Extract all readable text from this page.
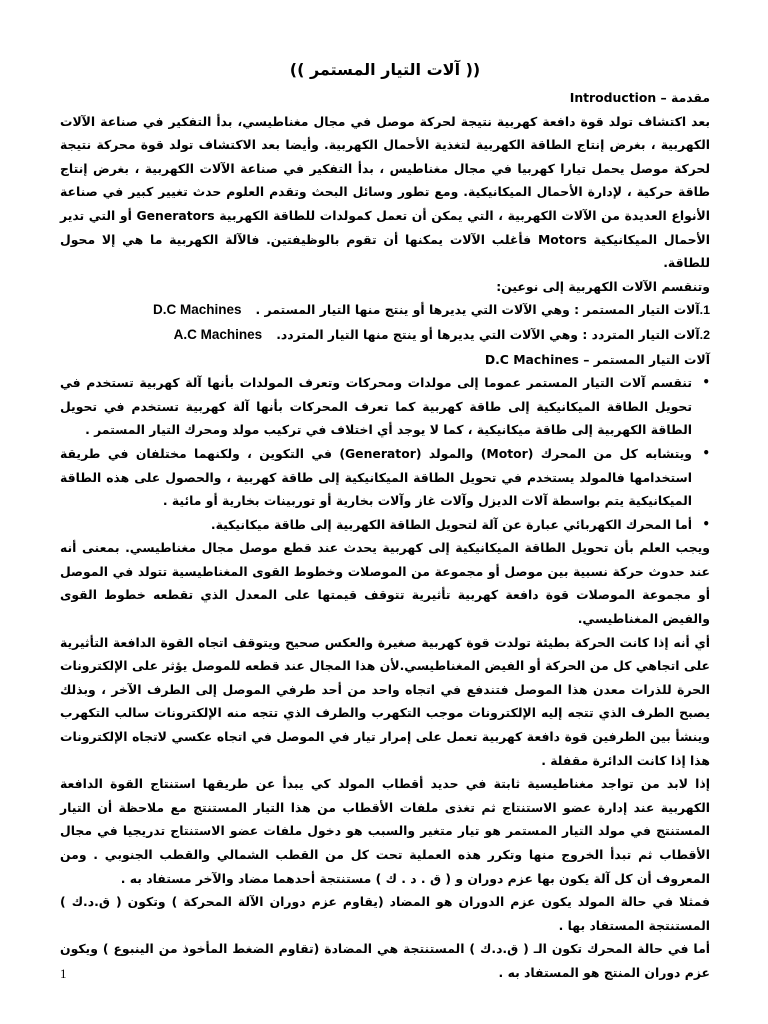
(( آلات التيار المستمر ))

مقدمة – Introduction

بعد اكتشاف تولد قوة دافعة كهربية نتيجة لحركة موصل في مجال مغناطيسي، بدأ التفكير في صناعة الآلات الكهربية ، بغرض إنتاج الطاقة الكهربية لتغذية الأحمال الكهربية. وأيضا بعد الاكتشاف تولد قوة محركة نتيجة لحركة موصل يحمل تيارا كهربيا في مجال مغناطيس ، بدأ التفكير في صناعة الآلات الكهربية ، بغرض إنتاج طاقة حركية ، لإدارة الأحمال الميكانيكية. ومع تطور وسائل البحث وتقدم العلوم حدث تغيير كبير في صناعة الأنواع العديدة من الآلات الكهربية ، التي يمكن أن تعمل كمولدات للطاقة الكهربية Generators أو التي تدير الأحمال الميكانيكية Motors فأغلب الآلات يمكنها أن تقوم بالوظيفتين. فالآلة الكهربية ما هي إلا محول للطاقة.

وتنقسم الآلات الكهربية إلى نوعين:

1.آلات التيار المستمر : وهي الآلات التي يديرها أو ينتج منها التيار المستمر .D.C Machines
2.آلات التيار المتردد : وهي الآلات التي يديرها أو ينتج منها التيار المتردد.A.C Machines

آلات التيار المستمر – D.C Machines

•
تنقسم آلات التيار المستمر عموما إلى مولدات ومحركات وتعرف المولدات بأنها آلة كهربية تستخدم في تحويل الطاقة الميكانيكية إلى طاقة كهربية كما تعرف المحركات بأنها آلة كهربية تستخدم في تحويل الطاقة الكهربية إلى طاقة ميكانيكية ، كما لا يوجد أي اختلاف في تركيب مولد ومحرك التيار المستمر .
•
ويتشابه كل من المحرك (Motor) والمولد (Generator) في التكوين ، ولكنهما مختلفان في طريقة استخدامها فالمولد يستخدم في تحويل الطاقة الميكانيكية إلى طاقة كهربية ، والحصول على هذه الطاقة الميكانيكية يتم بواسطة آلات الديزل وآلات غاز وآلات بخارية أو توربينات بخارية أو مائية .
•
أما المحرك الكهربائي عبارة عن آلة لتحويل الطاقة الكهربية إلى طاقة ميكانيكية.

ويجب العلم بأن تحويل الطاقة الميكانيكية إلى كهربية يحدث عند قطع موصل مجال مغناطيسي. بمعنى أنه عند حدوث حركة نسبية بين موصل أو مجموعة من الموصلات وخطوط القوى المغناطيسية تتولد في الموصل أو مجموعة الموصلات قوة دافعة كهربية تأثيرية تتوقف قيمتها على المعدل الذي تقطعه خطوط القوى والفيض المغناطيسي.

أي أنه إذا كانت الحركة بطيئة تولدت قوة كهربية صغيرة والعكس صحيح ويتوقف اتجاه القوة الدافعة التأثيرية على اتجاهي كل من الحركة أو الفيض المغناطيسي.لأن هذا المجال عند قطعه للموصل يؤثر على الإلكترونات الحرة للذرات معدن هذا الموصل فتندفع في اتجاه واحد من أحد طرفي الموصل إلى الطرف الآخر ، وبذلك يصبح الطرف الذي تتجه إليه الإلكترونات موجب التكهرب والطرف الذي تتجه منه الإلكترونات سالب التكهرب وينشأ بين الطرفين قوة دافعة كهربية تعمل على إمرار تيار في الموصل في اتجاه عكسي لاتجاه الإلكترونات هذا إذا كانت الدائرة مقفلة .

إذا لابد من تواجد مغناطيسية ثابتة في حديد أقطاب المولد كي يبدأ عن طريقها استنتاج القوة الدافعة الكهربية عند إدارة عضو الاستنتاج ثم تغذى ملفات الأقطاب من هذا التيار المستنتج مع ملاحظة أن التيار المستنتج في مولد التيار المستمر هو تيار متغير والسبب هو دخول ملفات عضو الاستنتاج تدريجيا في مجال الأقطاب ثم تبدأ الخروج منها وتكرر هذه العملية تحت كل من القطب الشمالي والقطب الجنوبي . ومن المعروف أن كل آلة يكون بها عزم دوران و ( ق . د . ك ) مستنتجة أحدهما مضاد والآخر مستفاد به .

فمثلا في حالة المولد يكون عزم الدوران هو المضاد (يقاوم عزم دوران الآلة المحركة ) وتكون ( ق.د.ك ) المستنتجة المستفاد بها .

أما في حالة المحرك تكون الـ ( ق.د.ك ) المستنتجة هي المضادة (تقاوم الضغط المأخوذ من الينبوع ) ويكون عزم دوران المنتج هو المستفاد به .

1
